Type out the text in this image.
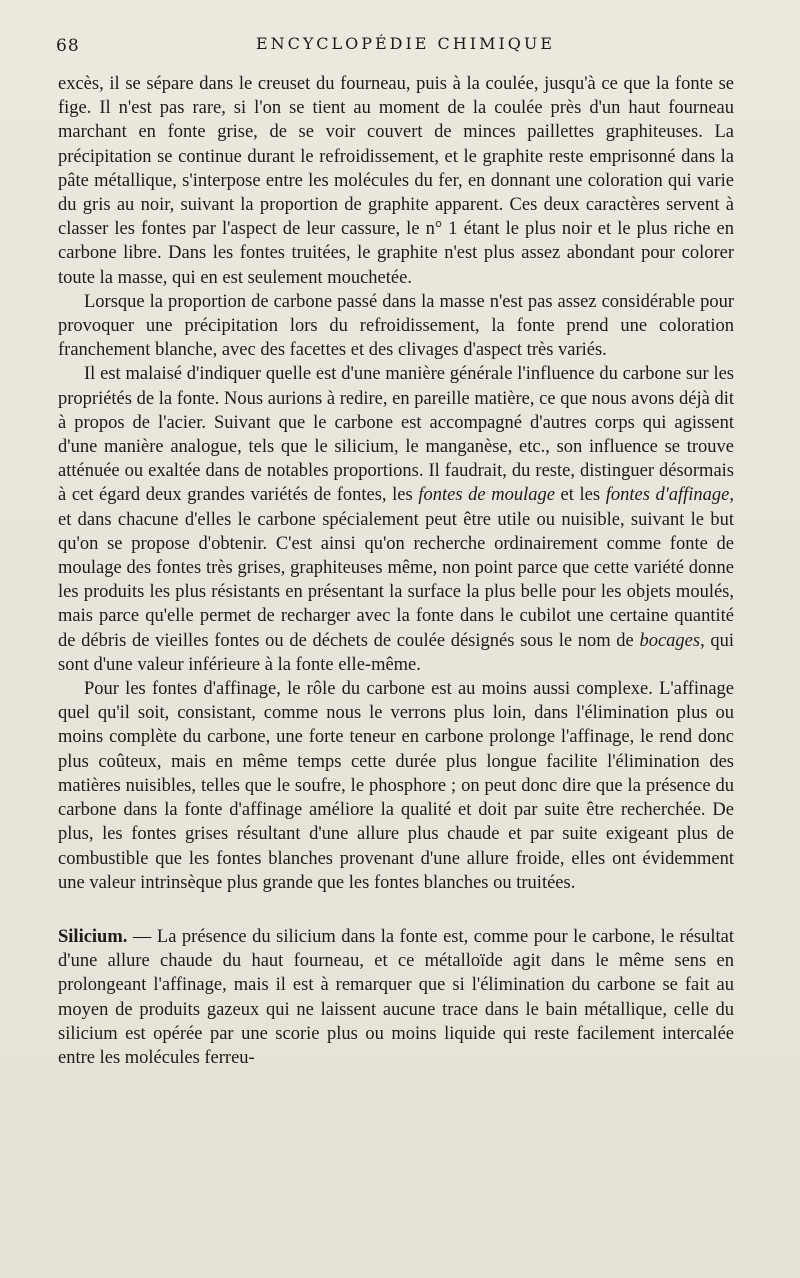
68	ENCYCLOPÉDIE CHIMIQUE

excès, il se sépare dans le creuset du fourneau, puis à la coulée, jusqu'à ce que la fonte se fige. Il n'est pas rare, si l'on se tient au moment de la coulée près d'un haut fourneau marchant en fonte grise, de se voir couvert de minces paillettes graphiteuses. La précipitation se continue durant le refroidissement, et le graphite reste emprisonné dans la pâte métallique, s'interpose entre les molécules du fer, en donnant une coloration qui varie du gris au noir, suivant la proportion de graphite apparent. Ces deux caractères servent à classer les fontes par l'aspect de leur cassure, le n° 1 étant le plus noir et le plus riche en carbone libre. Dans les fontes truitées, le graphite n'est plus assez abondant pour colorer toute la masse, qui en est seulement mouchetée.

Lorsque la proportion de carbone passé dans la masse n'est pas assez considérable pour provoquer une précipitation lors du refroidissement, la fonte prend une coloration franchement blanche, avec des facettes et des clivages d'aspect très variés.

Il est malaisé d'indiquer quelle est d'une manière générale l'influence du carbone sur les propriétés de la fonte. Nous aurions à redire, en pareille matière, ce que nous avons déjà dit à propos de l'acier. Suivant que le carbone est accompagné d'autres corps qui agissent d'une manière analogue, tels que le silicium, le manganèse, etc., son influence se trouve atténuée ou exaltée dans de notables proportions. Il faudrait, du reste, distinguer désormais à cet égard deux grandes variétés de fontes, les fontes de moulage et les fontes d'affinage, et dans chacune d'elles le carbone spécialement peut être utile ou nuisible, suivant le but qu'on se propose d'obtenir. C'est ainsi qu'on recherche ordinairement comme fonte de moulage des fontes très grises, graphiteuses même, non point parce que cette variété donne les produits les plus résistants en présentant la surface la plus belle pour les objets moulés, mais parce qu'elle permet de recharger avec la fonte dans le cubilot une certaine quantité de débris de vieilles fontes ou de déchets de coulée désignés sous le nom de bocages, qui sont d'une valeur inférieure à la fonte elle-même.

Pour les fontes d'affinage, le rôle du carbone est au moins aussi complexe. L'affinage quel qu'il soit, consistant, comme nous le verrons plus loin, dans l'élimination plus ou moins complète du carbone, une forte teneur en carbone prolonge l'affinage, le rend donc plus coûteux, mais en même temps cette durée plus longue facilite l'élimination des matières nuisibles, telles que le soufre, le phosphore ; on peut donc dire que la présence du carbone dans la fonte d'affinage améliore la qualité et doit par suite être recherchée. De plus, les fontes grises résultant d'une allure plus chaude et par suite exigeant plus de combustible que les fontes blanches provenant d'une allure froide, elles ont évidemment une valeur intrinsèque plus grande que les fontes blanches ou truitées.

Silicium. — La présence du silicium dans la fonte est, comme pour le carbone, le résultat d'une allure chaude du haut fourneau, et ce métalloïde agit dans le même sens en prolongeant l'affinage, mais il est à remarquer que si l'élimination du carbone se fait au moyen de produits gazeux qui ne laissent aucune trace dans le bain métallique, celle du silicium est opérée par une scorie plus ou moins liquide qui reste facilement intercalée entre les molécules ferreu-
